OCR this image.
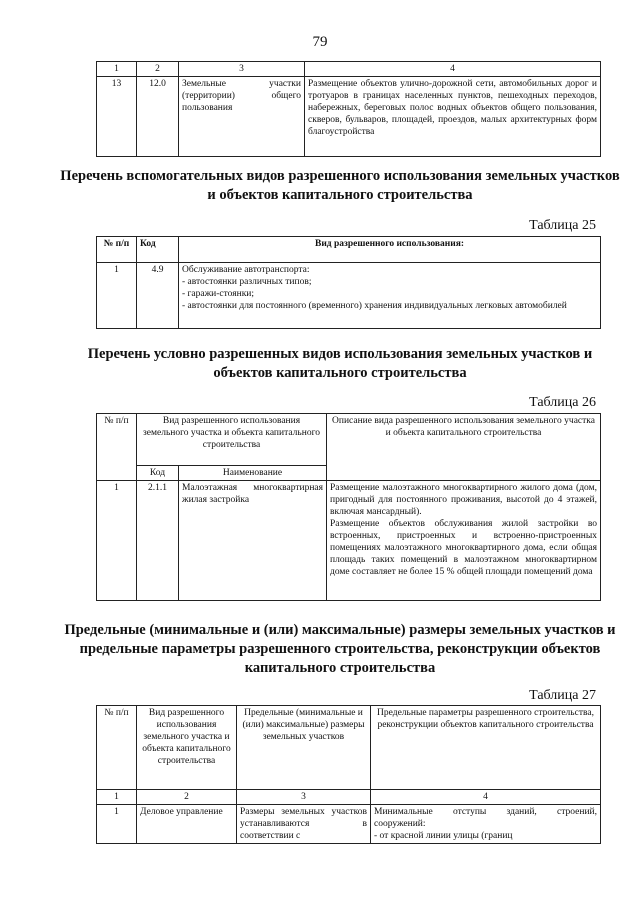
79
1	2	3	4
13	12.0	Земельные участки (территории) общего пользования	Размещение объектов улично-дорожной сети, автомобильных дорог и тротуаров в границах населенных пунктов, пешеходных переходов, набережных, береговых полос водных объектов общего пользования, скверов, бульваров, площадей, проездов, малых архитектурных форм благоустройства
Перечень вспомогательных видов разрешенного использования земельных участков и объектов капитального строительства
Таблица 25
№ п/п	Код	Вид разрешенного использования:
1	4.9	Обслуживание автотранспорта:
- автостоянки различных типов;
- гаражи-стоянки;
- автостоянки для постоянного (временного) хранения индивидуальных легковых автомобилей
Перечень условно разрешенных видов использования земельных участков и объектов капитального строительства
Таблица 26
№ п/п	Вид разрешенного использования земельного участка и объекта капитального строительства		Описание вида разрешенного использования земельного участка и объекта капитального строительства
	Код	Наименование	
1	2.1.1	Малоэтажная многоквартирная жилая застройка	Размещение малоэтажного многоквартирного жилого дома (дом, пригодный для постоянного проживания, высотой до 4 этажей, включая мансардный).
Размещение объектов обслуживания жилой застройки во встроенных, пристроенных и встроенно-пристроенных помещениях малоэтажного многоквартирного дома, если общая площадь таких помещений в малоэтажном многоквартирном доме составляет не более 15 % общей площади помещений дома
Предельные (минимальные и (или) максимальные) размеры земельных участков и предельные параметры разрешенного строительства, реконструкции объектов капитального строительства
Таблица 27
№ п/п	Вид разрешенного использования земельного участка и объекта капитального строительства	Предельные (минимальные и (или) максимальные) размеры земельных участков	Предельные параметры разрешенного строительства, реконструкции объектов капитального строительства
1	2	3	4
1	Деловое управление	Размеры земельных участков устанавливаются в соответствии с	Минимальные отступы зданий, строений, сооружений:
- от красной линии улицы (границ
